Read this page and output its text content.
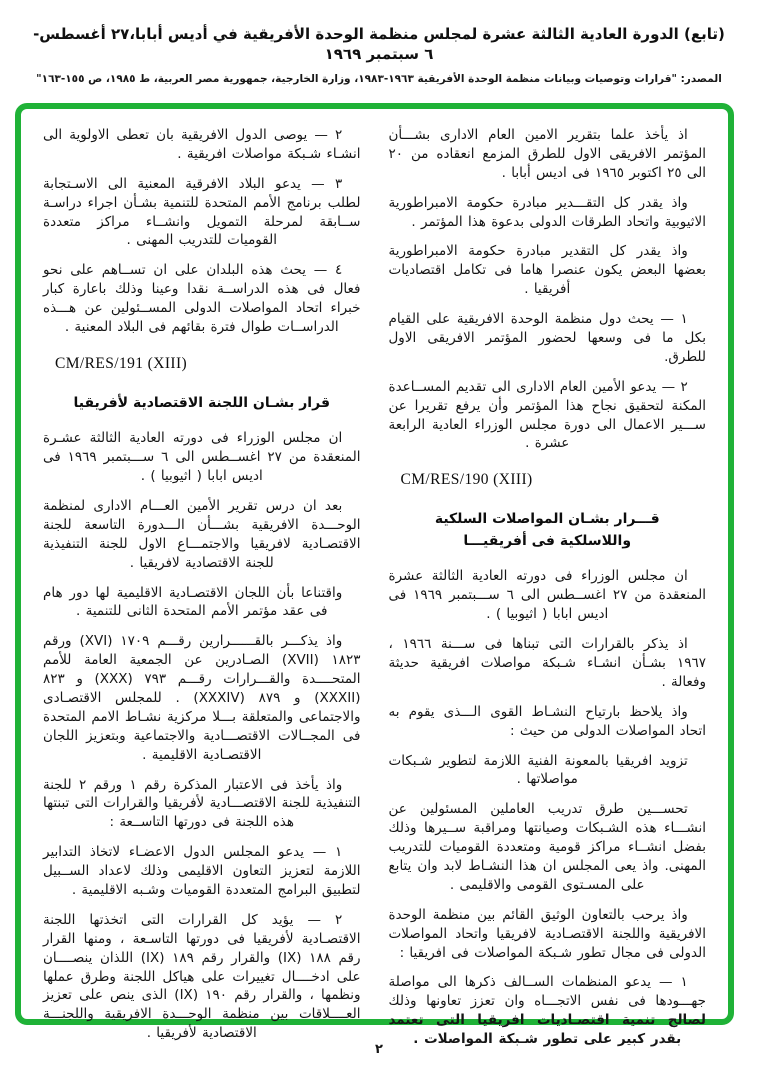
(تابع) الدورة العادية الثالثة عشرة لمجلس منظمة الوحدة الأفريقية في أديس أبابا،٢٧ أغسطس- ٦ سبتمبر ١٩٦٩
المصدر: "قرارات وتوصيات وبيانات منظمة الوحدة الأفريقية ١٩٦٣-١٩٨٣، وزارة الخارجية، جمهورية مصر العربية، ط ١٩٨٥، ص ١٥٥-١٦٣"
اذ يأخذ علما بتقرير الامين العام الادارى بشـــأن المؤتمر الافريقى الاول للطرق المزمع انعقاده من ٢٠ الى ٢٥ اكتوبر ١٩٦٥ فى اديس أبابا .
واذ يقدر كل التقـــدير مبادرة حكومة الامبراطورية الاثيوبية واتحاد الطرقات الدولى بدعوة هذا المؤتمر .
واذ يقدر كل التقدير مبادرة حكومة الامبراطورية بعضها البعض يكون عنصرا هاما فى تكامل اقتصاديات أفريقيا .
١ — يحث دول منظمة الوحدة الافريقية على القيام بكل ما فى وسعها لحضور المؤتمر الافريقى الاول للطرق.
٢ — يدعو الأمين العام الادارى الى تقديم المســاعدة المكنة لتحقيق نجاح هذا المؤتمر وأن يرفع تقريرا عن ســـير الاعمال الى دورة مجلس الوزراء العادية الرابعة عشرة .
CM/RES/190 (XIII)
قـــرار بشـان المواصلات السلكية
واللاسلكية فى أفريقيـــا
ان مجلس الوزراء فى دورته العادية الثالثة عشرة المنعقدة من ٢٧ اغســطس الى ٦ ســـبتمبر ١٩٦٩ فى اديس ابابا ( اثيوبيا ) .
اذ يذكر بالقرارات التى تبناها فى ســـنة ١٩٦٦ ، ١٩٦٧ بشـأن انشـاء شـبكة مواصلات افريقية حديثة وفعالة .
واذ يلاحظ بارتياح النشـاط القوى الـــذى يقوم به اتحاد المواصلات الدولى من حيث :
تزويد افريقيا بالمعونة الفنية اللازمة لتطوير شـبكات مواصلاتها .
تحســـين طرق تدريب العاملين المسئولين عن انشـــاء هذه الشـبكات وصيانتها ومراقبة ســيرها وذلك بفضل انشــاء مراكز قومية ومتعددة القوميات للتدريب المهنى. واذ يعى المجلس ان هذا النشـاط لابد وان يتابع على المسـتوى القومى والاقليمى .
واذ يرحب بالتعاون الوثيق القائم بين منظمة الوحدة الافريقية واللجنة الاقتصـادية لافريقيا واتحاد المواصلات الدولى فى مجال تطور شـبكة المواصلات فى افريقيا :
١ — يدعو المنظمات الســالف ذكرها الى مواصلة جهـــودها فى نفس الاتجـــاه وان تعزز تعاونها وذلك لصالح تنمية اقتصـاديات افريقيا التى تعتمد بقدر كبير على تطور شـبكة المواصلات .
٢ — يوصى الدول الافريقية بان تعطى الاولوية الى انشـاء شـبكة مواصلات افريقية .
٣ — يدعو البلاد الافرقية المعنية الى الاسـتجابة لطلب برنامج الأمم المتحدة للتنمية بشـأن اجراء دراسـة ســابقة لمرحلة التمويل وانشــاء مراكز متعددة القوميات للتدريب المهنى .
٤ — يحث هذه البلدان على ان تســاهم على نحو فعال فى هذه الدراســة نقدا وعينا وذلك باعارة كبار خبراء اتحاد المواصلات الدولى المســئولين عن هـــذه الدراســات طوال فترة بقائهم فى البلاد المعنية .
CM/RES/191 (XIII)
قرار بشـان اللجنة الاقتصادية لأفريقيا
ان مجلس الوزراء فى دورته العادية الثالثة عشـرة المنعقدة من ٢٧ اغســطس الى ٦ ســـبتمبر ١٩٦٩ فى اديس ابابا ( اثيوبيا ) .
بعد ان درس تقرير الأمين العـــام الادارى لمنظمة الوحـــدة الافريقية بشـــأن الـــدورة التاسعة للجنة الاقتصـادية لافريقيا والاجتمـــاع الاول للجنة التنفيذية للجنة الاقتصادية لافريقيا .
واقتناعا بأن اللجان الاقتصـادية الاقليمية لها دور هام فى عقد مؤتمر الأمم المتحدة الثانى للتنمية .
واذ يذكـــر بالقــــــرارين رقـــم ١٧٠٩ (XVI) ورقم ١٨٢٣ (XVII) الصـادرين عن الجمعية العامة للأمم المتحــــدة والقـــرارات رقـــم ٧٩٣ (XXX) و ٨٢٣ (XXXII) و ٨٧٩ (XXXIV) . للمجلس الاقتصـادى والاجتماعى والمتعلقة بـــلا مركزية نشـاط الامم المتحدة فى المجــالات الاقتصـــادية والاجتماعية وبتعزيز اللجان الاقتصـادية الاقليمية .
واذ يأخذ فى الاعتبار المذكرة رقم ١ ورقم ٢ للجنة التنفيذية للجنة الاقتصـــادية لأفريقيا والقرارات التى تبنتها هذه اللجنة فى دورتها التاســعة :
١ — يدعو المجلس الدول الاعضـاء لاتخاذ التدابير اللازمة لتعزيز التعاون الاقليمى وذلك لاعداد الســبيل لتطبيق البرامج المتعددة القوميات وشـبه الاقليمية .
٢ — يؤيد كل القرارات التى اتخذتها اللجنة الاقتصـادية لأفريقيا فى دورتها التاسـعة ، ومنها القرار رقم ١٨٨ (IX) والقرار رقم ١٨٩ (IX) اللذان ينصــــان على ادخــــال تغييرات على هياكل اللجنة وطرق عملها ونظمها ، والقرار رقم ١٩٠ (IX) الذى ينص على تعزيز العــــلاقات بين منظمة الوحـــدة الافريقية واللجنـــة الاقتصادية لأفريقيا .
٢
